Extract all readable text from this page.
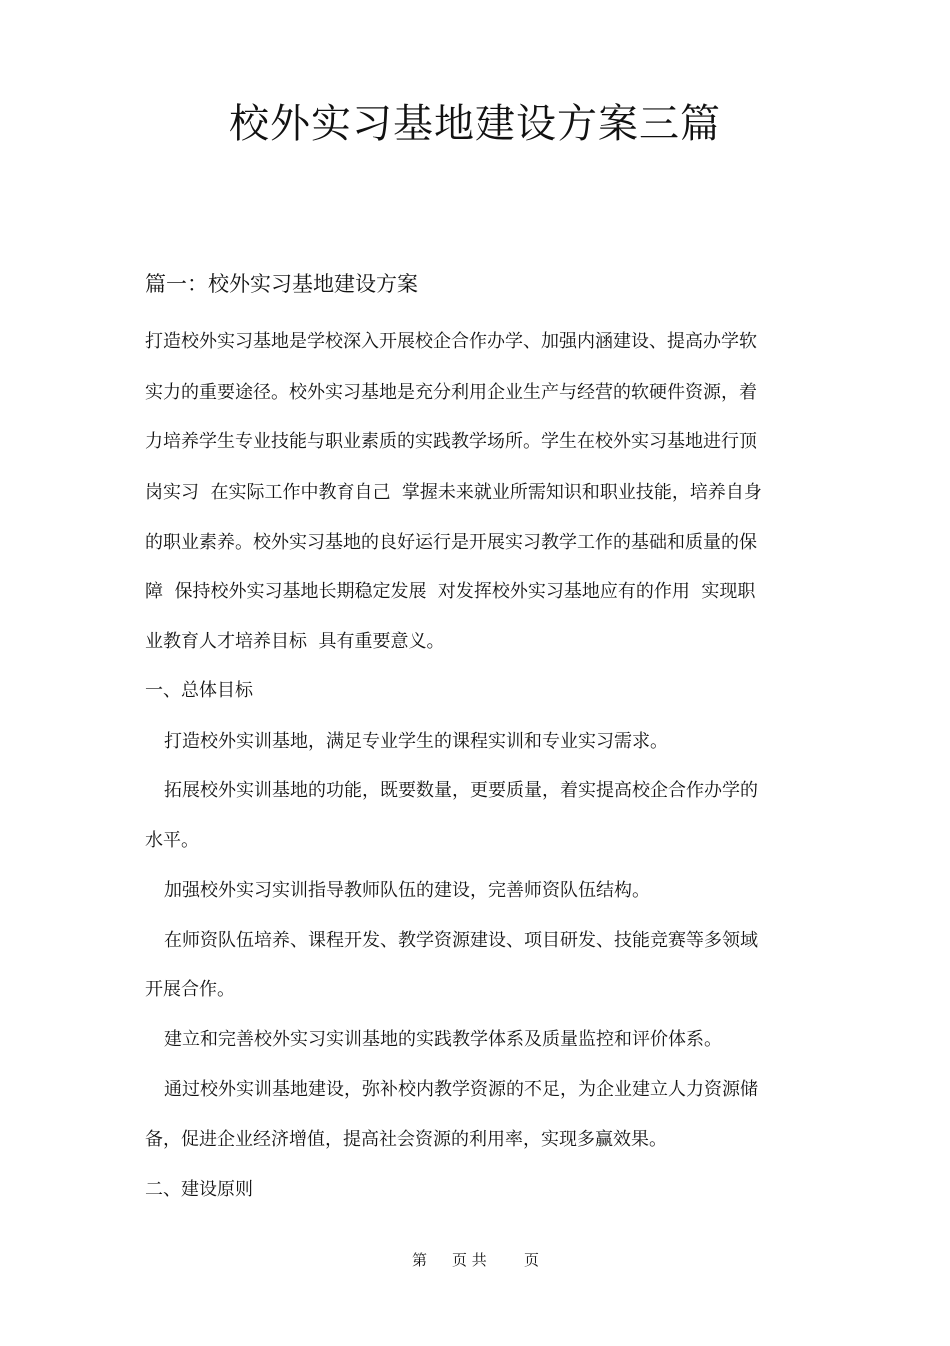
校外实习基地建设方案三篇
篇一：校外实习基地建设方案
打造校外实习基地是学校深入开展校企合作办学、加强内涵建设、提高办学软
实力的重要途径。校外实习基地是充分利用企业生产与经营的软硬件资源，着
力培养学生专业技能与职业素质的实践教学场所。学生在校外实习基地进行顶
岗实习  在实际工作中教育自己  掌握未来就业所需知识和职业技能，培养自身
的职业素养。校外实习基地的良好运行是开展实习教学工作的基础和质量的保
障  保持校外实习基地长期稳定发展  对发挥校外实习基地应有的作用  实现职
业教育人才培养目标  具有重要意义。
一、总体目标
打造校外实训基地，满足专业学生的课程实训和专业实习需求。
拓展校外实训基地的功能，既要数量，更要质量，着实提高校企合作办学的
水平。
加强校外实习实训指导教师队伍的建设，完善师资队伍结构。
在师资队伍培养、课程开发、教学资源建设、项目研发、技能竞赛等多领域
开展合作。
建立和完善校外实习实训基地的实践教学体系及质量监控和评价体系。
通过校外实训基地建设，弥补校内教学资源的不足，为企业建立人力资源储
备，促进企业经济增值，提高社会资源的利用率，实现多赢效果。
二、建设原则
第 页 共 页
